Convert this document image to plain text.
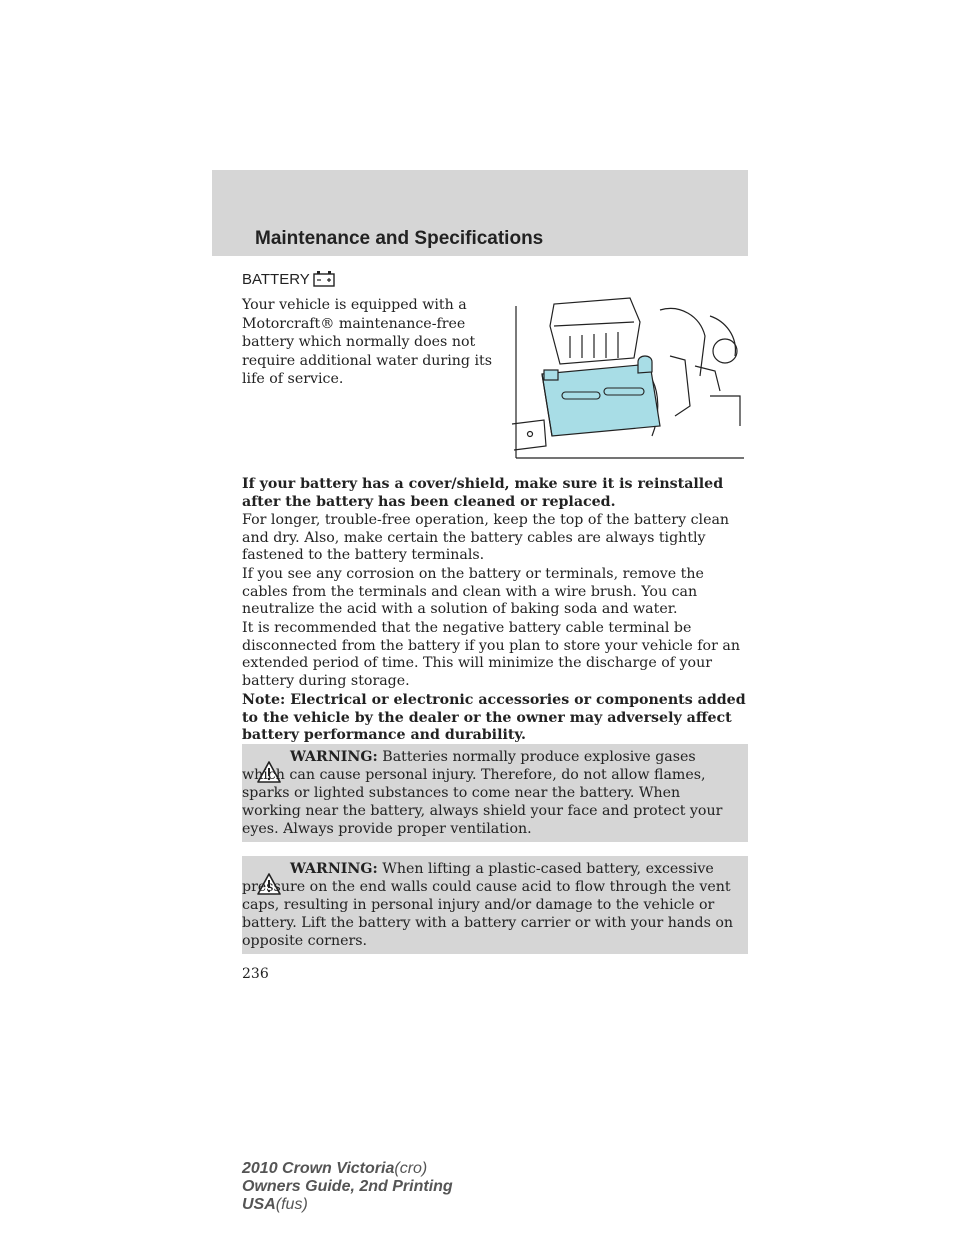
Maintenance and Specifications
BATTERY
Your vehicle is equipped with a Motorcraft® maintenance-free battery which normally does not require additional water during its life of service.
If your battery has a cover/shield, make sure it is reinstalled after the battery has been cleaned or replaced.
For longer, trouble-free operation, keep the top of the battery clean and dry. Also, make certain the battery cables are always tightly fastened to the battery terminals.
If you see any corrosion on the battery or terminals, remove the cables from the terminals and clean with a wire brush. You can neutralize the acid with a solution of baking soda and water.
It is recommended that the negative battery cable terminal be disconnected from the battery if you plan to store your vehicle for an extended period of time. This will minimize the discharge of your battery during storage.
Note: Electrical or electronic accessories or components added to the vehicle by the dealer or the owner may adversely affect battery performance and durability.
WARNING: Batteries normally produce explosive gases which can cause personal injury. Therefore, do not allow flames, sparks or lighted substances to come near the battery. When working near the battery, always shield your face and protect your eyes. Always provide proper ventilation.
WARNING: When lifting a plastic-cased battery, excessive pressure on the end walls could cause acid to flow through the vent caps, resulting in personal injury and/or damage to the vehicle or battery. Lift the battery with a battery carrier or with your hands on opposite corners.
236
2010 Crown Victoria(cro)
Owners Guide, 2nd Printing
USA(fus)
